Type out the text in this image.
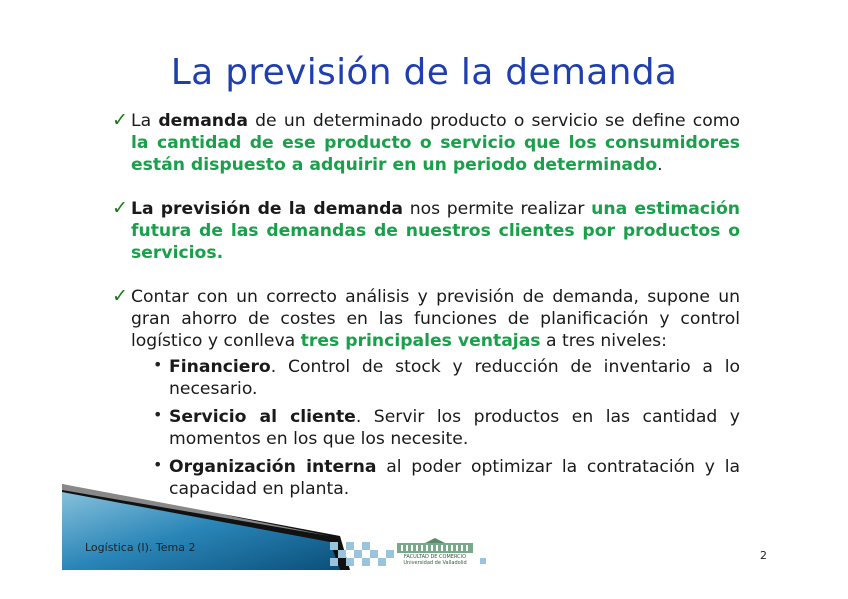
La previsión de la demanda
✓ La demanda de un determinado producto o servicio se define como la cantidad de ese producto o servicio que los consumidores están dispuesto a adquirir en un periodo determinado.
✓ La previsión de la demanda nos permite realizar una estimación futura de las demandas de nuestros clientes por productos o servicios.
✓ Contar con un correcto análisis y previsión de demanda, supone un gran ahorro de costes en las funciones de planificación y control logístico y conlleva tres principales ventajas a tres niveles:
• Financiero. Control de stock y reducción de inventario a lo necesario.
• Servicio al cliente. Servir los productos en las cantidad y momentos en los que los necesite.
• Organización interna al poder optimizar la contratación y la capacidad en planta.
FACULTAD DE COMERCIO
Universidad de Valladolid
Logística (I). Tema 2
2
